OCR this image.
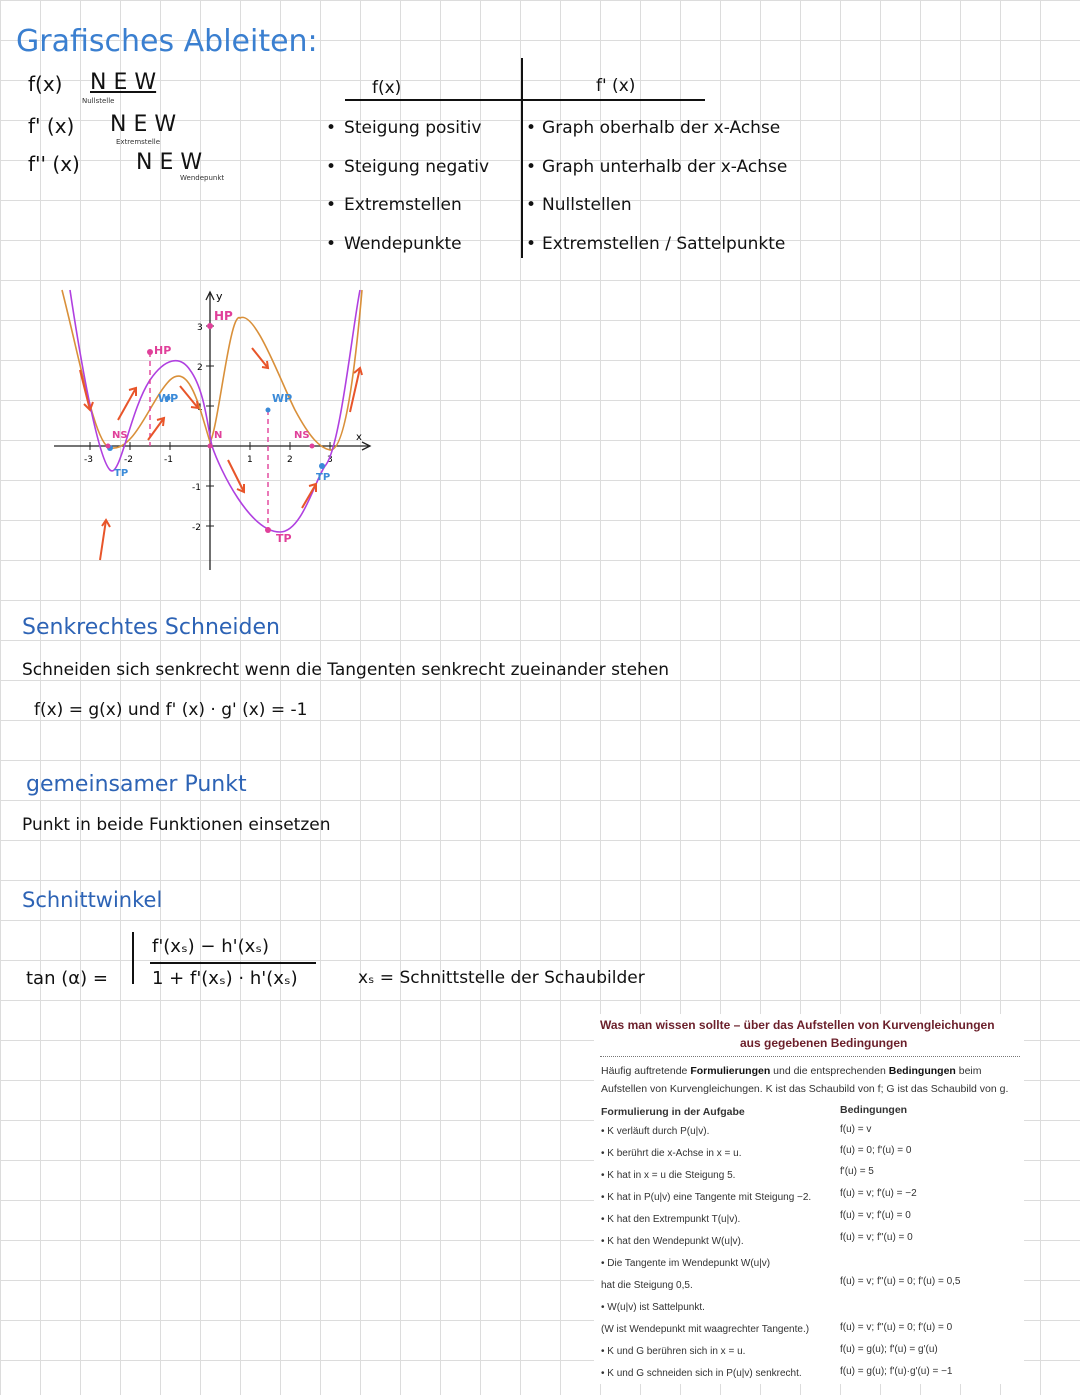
Grafisches Ableiten:
f(x) N E W
Nullstelle
f' (x) N E W
Extremstelle
f'' (x)	N E W
Wendepunkt
f(x)	f' (x)
• Steigung positiv	• Graph oberhalb der x-Achse
• Steigung negativ	• Graph unterhalb der x-Achse
• Extremstellen	• Nullstellen
• Wendepunkte	• Extremstellen / Sattelpunkte
y
x
-3	-2	-1	1	2	3
3
2
1
-1
-2
HP
HP
WP	WP
NS	NS
N
TP	TP
TP
Senkrechtes Schneiden
Schneiden sich senkrecht wenn die Tangenten senkrecht zueinander stehen
f(x) = g(x) und f' (x) · g' (x) = -1
gemeinsamer Punkt
Punkt in beide Funktionen einsetzen
Schnittwinkel
tan (α) =
f'(xₛ) − h'(xₛ)
1 + f'(xₛ) · h'(xₛ)	xₛ = Schnittstelle der Schaubilder
Was man wissen sollte – über das Aufstellen von Kurvengleichungen
aus gegebenen Bedingungen
Häufig auftretende Formulierungen und die entsprechenden Bedingungen beim Aufstellen von Kurvengleichungen. K ist das Schaubild von f; G ist das Schaubild von g.
Formulierung in der Aufgabe	Bedingungen
• K verläuft durch P(u|v).	f(u) = v
• K berührt die x-Achse in x = u.	f(u) = 0; f'(u) = 0
• K hat in x = u die Steigung 5.	f'(u) = 5
• K hat in P(u|v) eine Tangente mit Steigung −2.	f(u) = v; f'(u) = −2
• K hat den Extrempunkt T(u|v).	f(u) = v; f'(u) = 0
• K hat den Wendepunkt W(u|v).	f(u) = v; f''(u) = 0
• Die Tangente im Wendepunkt W(u|v)
hat die Steigung 0,5.	f(u) = v; f''(u) = 0; f'(u) = 0,5
• W(u|v) ist Sattelpunkt.
(W ist Wendepunkt mit waagrechter Tangente.)	f(u) = v; f''(u) = 0; f'(u) = 0
• K und G berühren sich in x = u.	f(u) = g(u); f'(u) = g'(u)
• K und G schneiden sich in P(u|v) senkrecht.	f(u) = g(u); f'(u)·g'(u) = −1
